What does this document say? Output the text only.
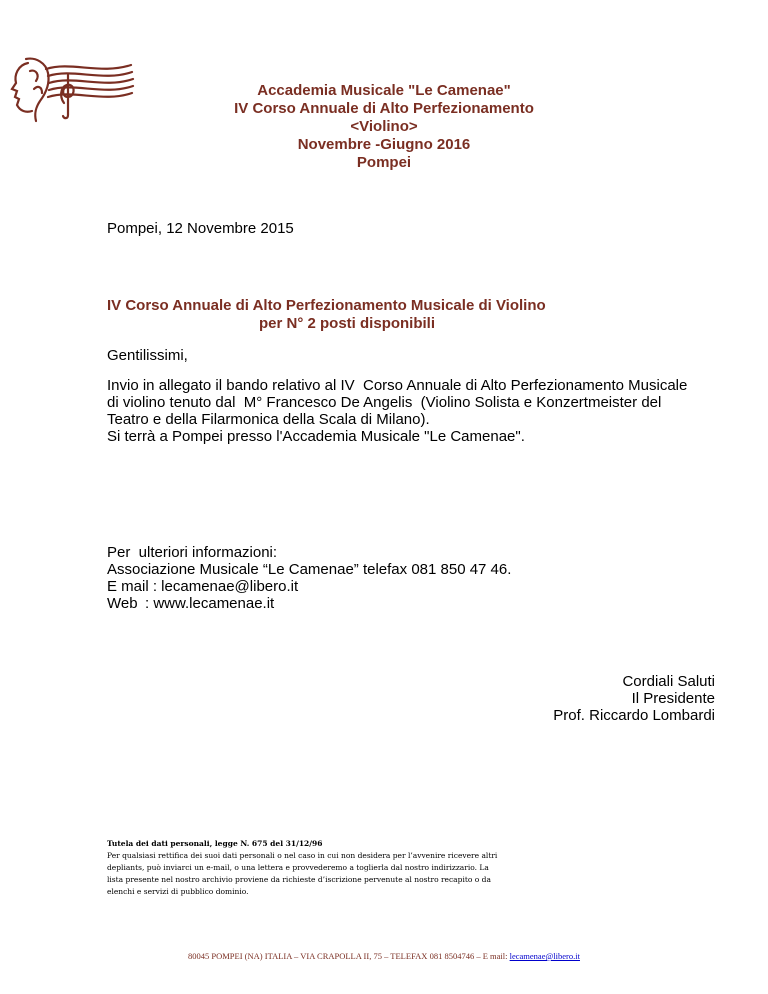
Accademia Musicale "Le Camenae"
IV Corso Annuale di Alto Perfezionamento
<Violino>
Novembre -Giugno 2016
Pompei
Pompei, 12 Novembre 2015

IV Corso Annuale di Alto Perfezionamento Musicale di Violino

per N° 2 posti disponibili

Gentilissimi,

Invio in allegato il bando relativo al IV  Corso Annuale di Alto Perfezionamento Musicale

di violino tenuto dal  M° Francesco De Angelis  (Violino Solista e Konzertmeister del

Teatro e della Filarmonica della Scala di Milano).

Si terrà a Pompei presso l'Accademia Musicale "Le Camenae".

Per  ulteriori informazioni:

Associazione Musicale “Le Camenae” telefax 081 850 47 46.

E mail : lecamenae@libero.it

Web : www.lecamenae.it

Cordiali Saluti

Il Presidente

Prof. Riccardo Lombardi

Tutela dei dati personali, legge N. 675 del 31/12/96

Per qualsiasi rettifica dei suoi dati personali o nel caso in cui non desidera per l’avvenire ricevere altri

depliants, può inviarci un e-mail, o una lettera e provvederemo a toglierla dal nostro indirizzario. La

lista presente nel nostro archivio proviene da richieste d’iscrizione pervenute al nostro recapito o da

elenchi e servizi di pubblico dominio.

80045 POMPEI (NA) ITALIA – VIA CRAPOLLA II, 75 – TELEFAX 081 8504746 – E mail: lecamenae@libero.it
